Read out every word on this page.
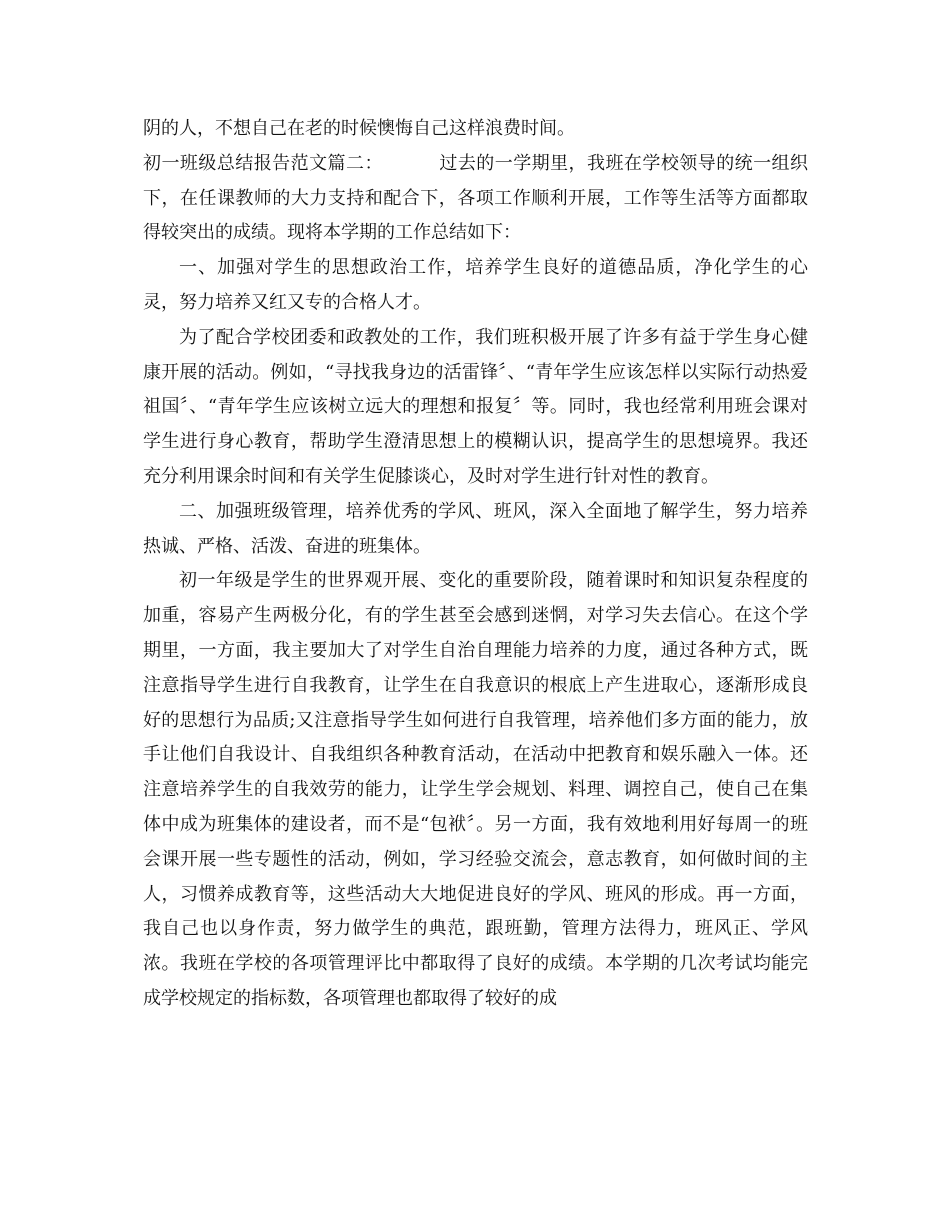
阴的人，不想自己在老的时候懊悔自己这样浪费时间。

初一班级总结报告范文篇二：	过去的一学期里，我班在学校领导的统一组织下，在任课教师的大力支持和配合下，各项工作顺利开展，工作等生活等方面都取得较突出的成绩。现将本学期的工作总结如下：

一、加强对学生的思想政治工作，培养学生良好的道德品质，净化学生的心灵，努力培养又红又专的合格人才。

为了配合学校团委和政教处的工作，我们班积极开展了许多有益于学生身心健康开展的活动。例如，“寻找我身边的活雷锋〞、“青年学生应该怎样以实际行动热爱祖国〞、“青年学生应该树立远大的理想和报复〞等。同时，我也经常利用班会课对学生进行身心教育，帮助学生澄清思想上的模糊认识，提高学生的思想境界。我还充分利用课余时间和有关学生促膝谈心，及时对学生进行针对性的教育。

二、加强班级管理，培养优秀的学风、班风，深入全面地了解学生，努力培养热诚、严格、活泼、奋进的班集体。

初一年级是学生的世界观开展、变化的重要阶段，随着课时和知识复杂程度的加重，容易产生两极分化，有的学生甚至会感到迷惘，对学习失去信心。在这个学期里，一方面，我主要加大了对学生自治自理能力培养的力度，通过各种方式，既注意指导学生进行自我教育，让学生在自我意识的根底上产生进取心，逐渐形成良好的思想行为品质;又注意指导学生如何进行自我管理，培养他们多方面的能力，放手让他们自我设计、自我组织各种教育活动，在活动中把教育和娱乐融入一体。还注意培养学生的自我效劳的能力，让学生学会规划、料理、调控自己，使自己在集体中成为班集体的建设者，而不是“包袱〞。另一方面，我有效地利用好每周一的班会课开展一些专题性的活动，例如，学习经验交流会，意志教育，如何做时间的主人，习惯养成教育等，这些活动大大地促进良好的学风、班风的形成。再一方面，我自己也以身作责，努力做学生的典范，跟班勤，管理方法得力，班风正、学风浓。我班在学校的各项管理评比中都取得了良好的成绩。本学期的几次考试均能完成学校规定的指标数，各项管理也都取得了较好的成
